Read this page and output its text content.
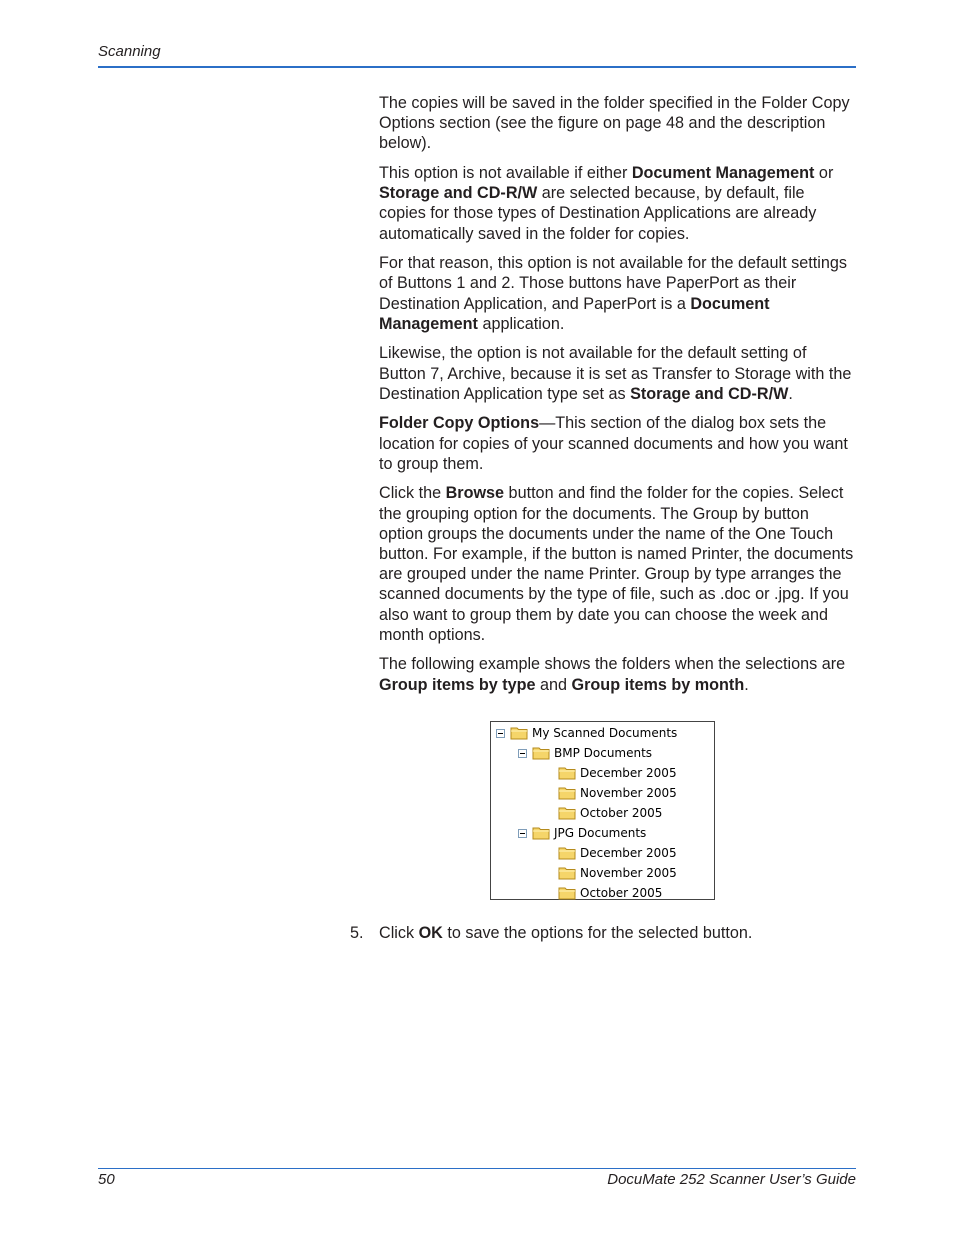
Scanning

The copies will be saved in the folder specified in the Folder Copy Options section (see the figure on page 48 and the description below).

This option is not available if either Document Management or Storage and CD-R/W are selected because, by default, file copies for those types of Destination Applications are already automatically saved in the folder for copies.

For that reason, this option is not available for the default settings of Buttons 1 and 2. Those buttons have PaperPort as their Destination Application, and PaperPort is a Document Management application.

Likewise, the option is not available for the default setting of Button 7, Archive, because it is set as Transfer to Storage with the Destination Application type set as Storage and CD-R/W.

Folder Copy Options—This section of the dialog box sets the location for copies of your scanned documents and how you want to group them.

Click the Browse button and find the folder for the copies. Select the grouping option for the documents. The Group by button option groups the documents under the name of the One Touch button. For example, if the button is named Printer, the documents are grouped under the name Printer. Group by type arranges the scanned documents by the type of file, such as .doc or .jpg. If you also want to group them by date you can choose the week and month options.

The following example shows the folders when the selections are Group items by type and Group items by month.

My Scanned Documents
BMP Documents
December 2005
November 2005
October 2005
JPG Documents
December 2005
November 2005
October 2005
5. Click OK to save the options for the selected button.
50	DocuMate 252 Scanner User’s Guide
